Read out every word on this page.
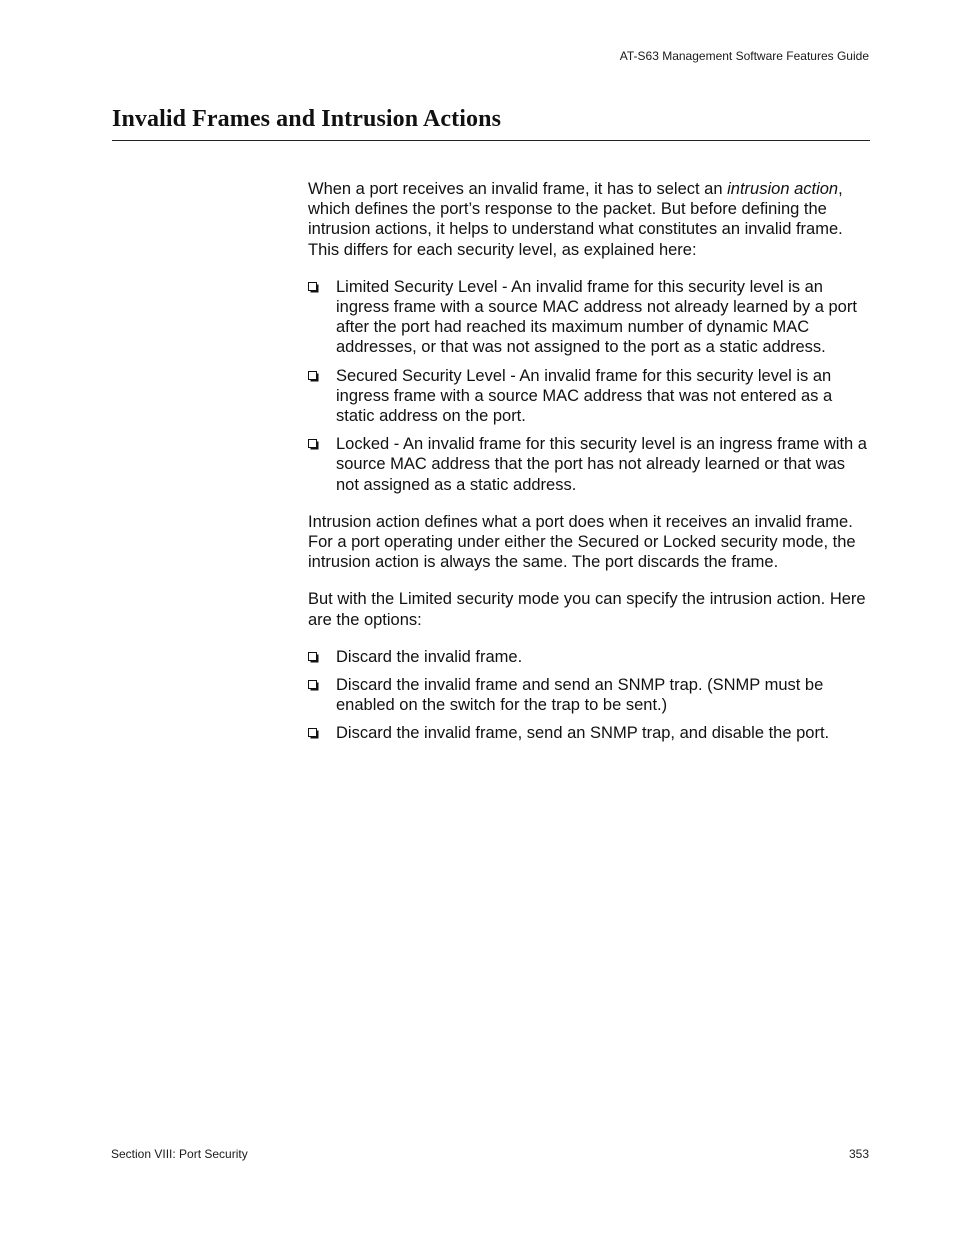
AT-S63 Management Software Features Guide
Invalid Frames and Intrusion Actions

When a port receives an invalid frame, it has to select an intrusion action, which defines the port’s response to the packet. But before defining the intrusion actions, it helps to understand what constitutes an invalid frame. This differs for each security level, as explained here:

Limited Security Level - An invalid frame for this security level is an ingress frame with a source MAC address not already learned by a port after the port had reached its maximum number of dynamic MAC addresses, or that was not assigned to the port as a static address.
Secured Security Level - An invalid frame for this security level is an ingress frame with a source MAC address that was not entered as a static address on the port.
Locked - An invalid frame for this security level is an ingress frame with a source MAC address that the port has not already learned or that was not assigned as a static address.

Intrusion action defines what a port does when it receives an invalid frame. For a port operating under either the Secured or Locked security mode, the intrusion action is always the same. The port discards the frame.

But with the Limited security mode you can specify the intrusion action. Here are the options:

Discard the invalid frame.
Discard the invalid frame and send an SNMP trap. (SNMP must be enabled on the switch for the trap to be sent.)
Discard the invalid frame, send an SNMP trap, and disable the port.
Section VIII: Port Security	353
